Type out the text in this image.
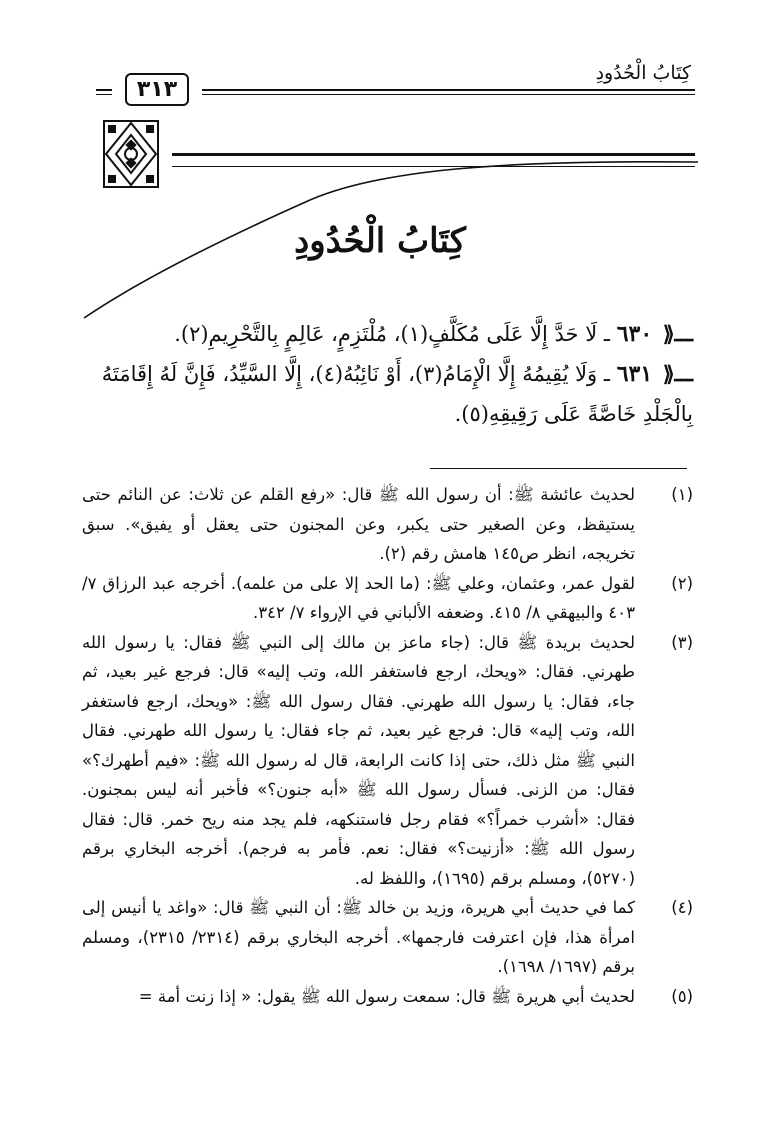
كِتَابُ الْحُدُودِ
٣١٣
كِتَابُ الْحُدُودِ
ـــ⟪ ٦٣٠ ـ لَا حَدَّ إِلَّا عَلَى مُكَلَّفٍ(١)، مُلْتَزِمٍ، عَالِمٍ بِالتَّحْرِيمِ(٢).
ـــ⟪ ٦٣١ ـ وَلَا يُقِيمُهُ إِلَّا الْإِمَامُ(٣)، أَوْ نَائِبُهُ(٤)، إِلَّا السَّيِّدُ، فَإِنَّ لَهُ إِقَامَتَهُ بِالْجَلْدِ خَاصَّةً عَلَى رَقِيقِهِ(٥).
(١)
لحديث عائشة ﷺ: أن رسول الله ﷺ قال: «رفع القلم عن ثلاث: عن النائم حتى يستيقظ، وعن الصغير حتى يكبر، وعن المجنون حتى يعقل أو يفيق». سبق تخريجه، انظر ص١٤٥ هامش رقم (٢).
(٢)
لقول عمر، وعثمان، وعلي ﷺ: (ما الحد إلا على من علمه). أخرجه عبد الرزاق ٧/ ٤٠٣ والبيهقي ٨/ ٤١٥. وضعفه الألباني في الإرواء ٧/ ٣٤٢.
(٣)
لحديث بريدة ﷺ قال: (جاء ماعز بن مالك إلى النبي ﷺ فقال: يا رسول الله طهرني. فقال: «ويحك، ارجع فاستغفر الله، وتب إليه» قال: فرجع غير بعيد، ثم جاء، فقال: يا رسول الله طهرني. فقال رسول الله ﷺ: «ويحك، ارجع فاستغفر الله، وتب إليه» قال: فرجع غير بعيد، ثم جاء فقال: يا رسول الله طهرني. فقال النبي ﷺ مثل ذلك، حتى إذا كانت الرابعة، قال له رسول الله ﷺ: «فيم أطهرك؟» فقال: من الزنى. فسأل رسول الله ﷺ «أبه جنون؟» فأخبر أنه ليس بمجنون. فقال: «أشرب خمراً؟» فقام رجل فاستنكهه، فلم يجد منه ريح خمر. قال: فقال رسول الله ﷺ: «أزنيت؟» فقال: نعم. فأمر به فرجم). أخرجه البخاري برقم (٥٢٧٠)، ومسلم برقم (١٦٩٥)، واللفظ له.
(٤)
كما في حديث أبي هريرة، وزيد بن خالد ﷺ: أن النبي ﷺ قال: «واغد يا أنيس إلى امرأة هذا، فإن اعترفت فارجمها». أخرجه البخاري برقم (٢٣١٤/ ٢٣١٥)، ومسلم برقم (١٦٩٧/ ١٦٩٨).
(٥)
لحديث أبي هريرة ﷺ قال: سمعت رسول الله ﷺ يقول: « إذا زنت أمة =
